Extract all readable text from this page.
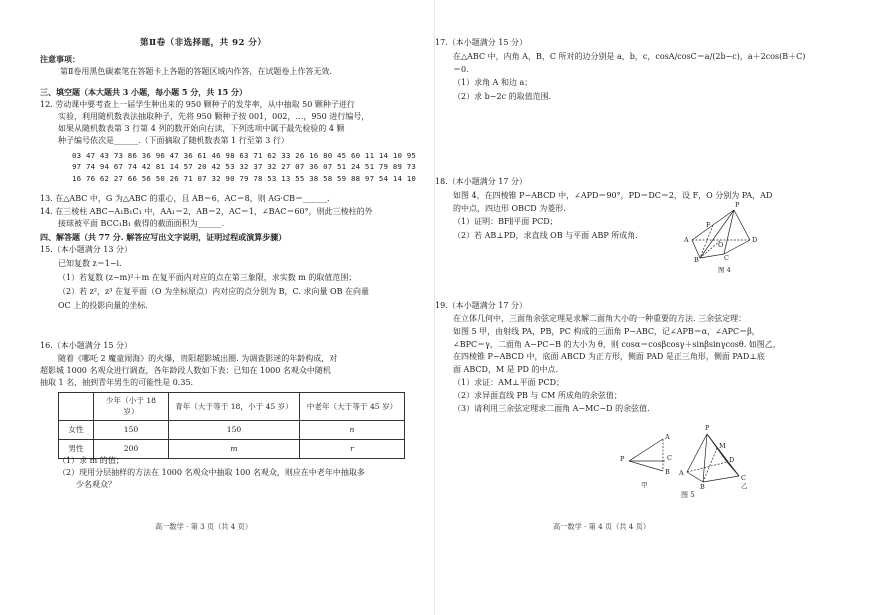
第Ⅱ卷（非选择题，共 92 分）
注意事项：
第Ⅱ卷用黑色碳素笔在答题卡上各题的答题区域内作答，在试题卷上作答无效.
三、填空题（本大题共 3 小题，每小题 5 分，共 15 分）
12. 劳动课中要考查上一届学生种出来的 950 颗种子的发芽率，从中抽取 50 颗种子进行
实验，利用随机数表法抽取种子，先将 950 颗种子按 001，002，…，950 进行编号，
如果从随机数表第 3 行第 4 列的数开始向右读，下列选项中属于最先检验的 4 颗
种子编号依次是______.（下面摘取了随机数表第 1 行至第 3 行）
03 47 43 73 86 36 96 47 36 61 46 98 63 71 62 33 26 16 80 45 60 11 14 10 95
97 74 94 67 74 42 81 14 57 20 42 53 32 37 32 27 07 36 07 51 24 51 79 89 73
16 76 62 27 66 56 50 26 71 07 32 90 79 78 53 13 55 38 58 59 88 97 54 14 10
13. 在△ABC 中，G 为△ABC 的重心，且 AB＝6，AC＝8，则 AG·CB＝______.
14. 在三棱柱 ABC−A₁B₁C₁ 中，AA₁＝2，AB＝2，AC＝1，∠BAC＝60°，则此三棱柱的外
接球被平面 BCC₁B₁ 截得的截面面积为______.
四、解答题（共 77 分. 解答应写出文字说明，证明过程或演算步骤）
15.（本小题满分 13 分）
已知复数 z＝1−i.
（1）若复数 (z−m)²＋m 在复平面内对应的点在第三象限，求实数 m 的取值范围；
（2）若 z²，z³ 在复平面（O 为坐标原点）内对应的点分别为 B，C. 求向量 OB 在向量
OC 上的投影向量的坐标.
16.（本小题满分 15 分）
随着《哪吒 2 魔童闹海》的火爆，贵阳超影城出圈. 为调查影迷的年龄构成，对
超影城 1000 名观众进行调查，各年龄段人数如下表：已知在 1000 名观众中随机
抽取 1 名，抽到青年男生的可能性是 0.35.
	少年（小于 18 岁）	青年（大于等于 18，小于 45 岁）	中老年（大于等于 45 岁）
女性	150	150	n
男性	200	m	r
（1）求 m 的值；
（2）现用分层抽样的方法在 1000 名观众中抽取 100 名观众，则应在中老年中抽取多
少名观众？
高一数学 · 第 3 页（共 4 页）
17.（本小题满分 15 分）
在△ABC 中，内角 A，B，C 所对的边分别是 a，b，c，cosA/cosC＝a/(2b−c)，a＋2cos(B＋C)
＝0.
（1）求角 A 和边 a；
（2）求 b−2c 的取值范围.
18.（本小题满分 17 分）
如图 4，在四棱锥 P−ABCD 中，∠APD＝90°，PD＝DC＝2，设 F，O 分别为 PA，AD
的中点，四边形 OBCD 为菱形.
（1）证明：BF∥平面 PCD；
（2）若 AB⊥PD，求直线 OB 与平面 ABP 所成角.
P
A
B	C
D
O
F
图 4
19.（本小题满分 17 分）
在立体几何中，三面角余弦定理是求解二面角大小的一种重要的方法. 三余弦定理：
如图 5 甲，由射线 PA，PB，PC 构成的三面角 P−ABC，记∠APB＝α，∠APC＝β，
∠BPC＝γ，二面角 A−PC−B 的大小为 θ，则 cosα＝cosβcosγ＋sinβsinγcosθ. 如图乙，
在四棱锥 P−ABCD 中，底面 ABCD 为正方形，侧面 PAD 是正三角形，侧面 PAD⊥底
面 ABCD，M 是 PD 的中点.
（1）求证：AM⊥平面 PCD；
（2）求异面直线 PB 与 CM 所成角的余弦值；
（3）请利用三余弦定理求二面角 A−MC−D 的余弦值.
P
A
C
B
甲
P
A
D
M
C
B	乙
图 5
高一数学 · 第 4 页（共 4 页）
